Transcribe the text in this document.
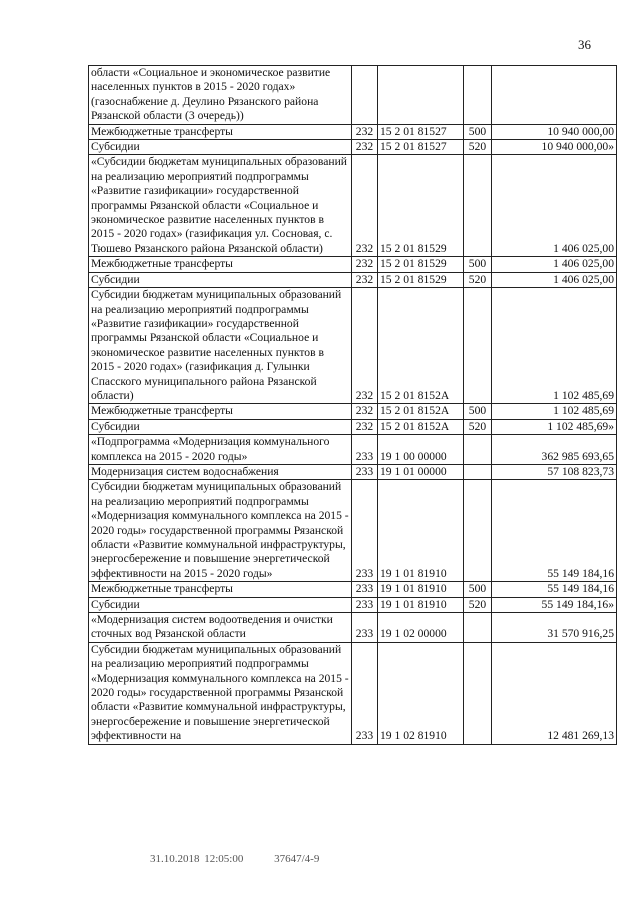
36
области «Социальное и экономическое развитие населенных пунктов в 2015 - 2020 годах» (газоснабжение д. Деулино Рязанского района Рязанской области (3 очередь))				
Межбюджетные трансферты	232	15 2 01 81527	500	10 940 000,00
Субсидии	232	15 2 01 81527	520	10 940 000,00»
«Субсидии бюджетам муниципальных образований на реализацию мероприятий подпрограммы «Развитие газификации» государственной программы Рязанской области «Социальное и экономическое развитие населенных пунктов в 2015 - 2020 годах» (газификация ул. Сосновая, с. Тюшево Рязанского района Рязанской области)	232	15 2 01 81529		1 406 025,00
Межбюджетные трансферты	232	15 2 01 81529	500	1 406 025,00
Субсидии	232	15 2 01 81529	520	1 406 025,00
Субсидии бюджетам муниципальных образований на реализацию мероприятий подпрограммы «Развитие газификации» государственной программы Рязанской области «Социальное и экономическое развитие населенных пунктов в 2015 - 2020 годах» (газификация д. Гулынки Спасского муниципального района Рязанской области)	232	15 2 01 8152А		1 102 485,69
Межбюджетные трансферты	232	15 2 01 8152А	500	1 102 485,69
Субсидии	232	15 2 01 8152А	520	1 102 485,69»
«Подпрограмма «Модернизация коммунального комплекса на 2015 - 2020 годы»	233	19 1 00 00000		362 985 693,65
Модернизация систем водоснабжения	233	19 1 01 00000		57 108 823,73
Субсидии бюджетам муниципальных образований на реализацию мероприятий подпрограммы «Модернизация коммунального комплекса на 2015 - 2020 годы» государственной программы Рязанской области «Развитие коммунальной инфраструктуры, энергосбережение и повышение энергетической эффективности на 2015 - 2020 годы»	233	19 1 01 81910		55 149 184,16
Межбюджетные трансферты	233	19 1 01 81910	500	55 149 184,16
Субсидии	233	19 1 01 81910	520	55 149 184,16»
«Модернизация систем водоотведения и очистки сточных вод Рязанской области	233	19 1 02 00000		31 570 916,25
Субсидии бюджетам муниципальных образований на реализацию мероприятий подпрограммы «Модернизация коммунального комплекса на 2015 - 2020 годы» государственной программы Рязанской области «Развитие коммунальной инфраструктуры, энергосбережение и повышение энергетической эффективности на	233	19 1 02 81910		12 481 269,13
31.10.2018 12:05:00	37647/4-9
